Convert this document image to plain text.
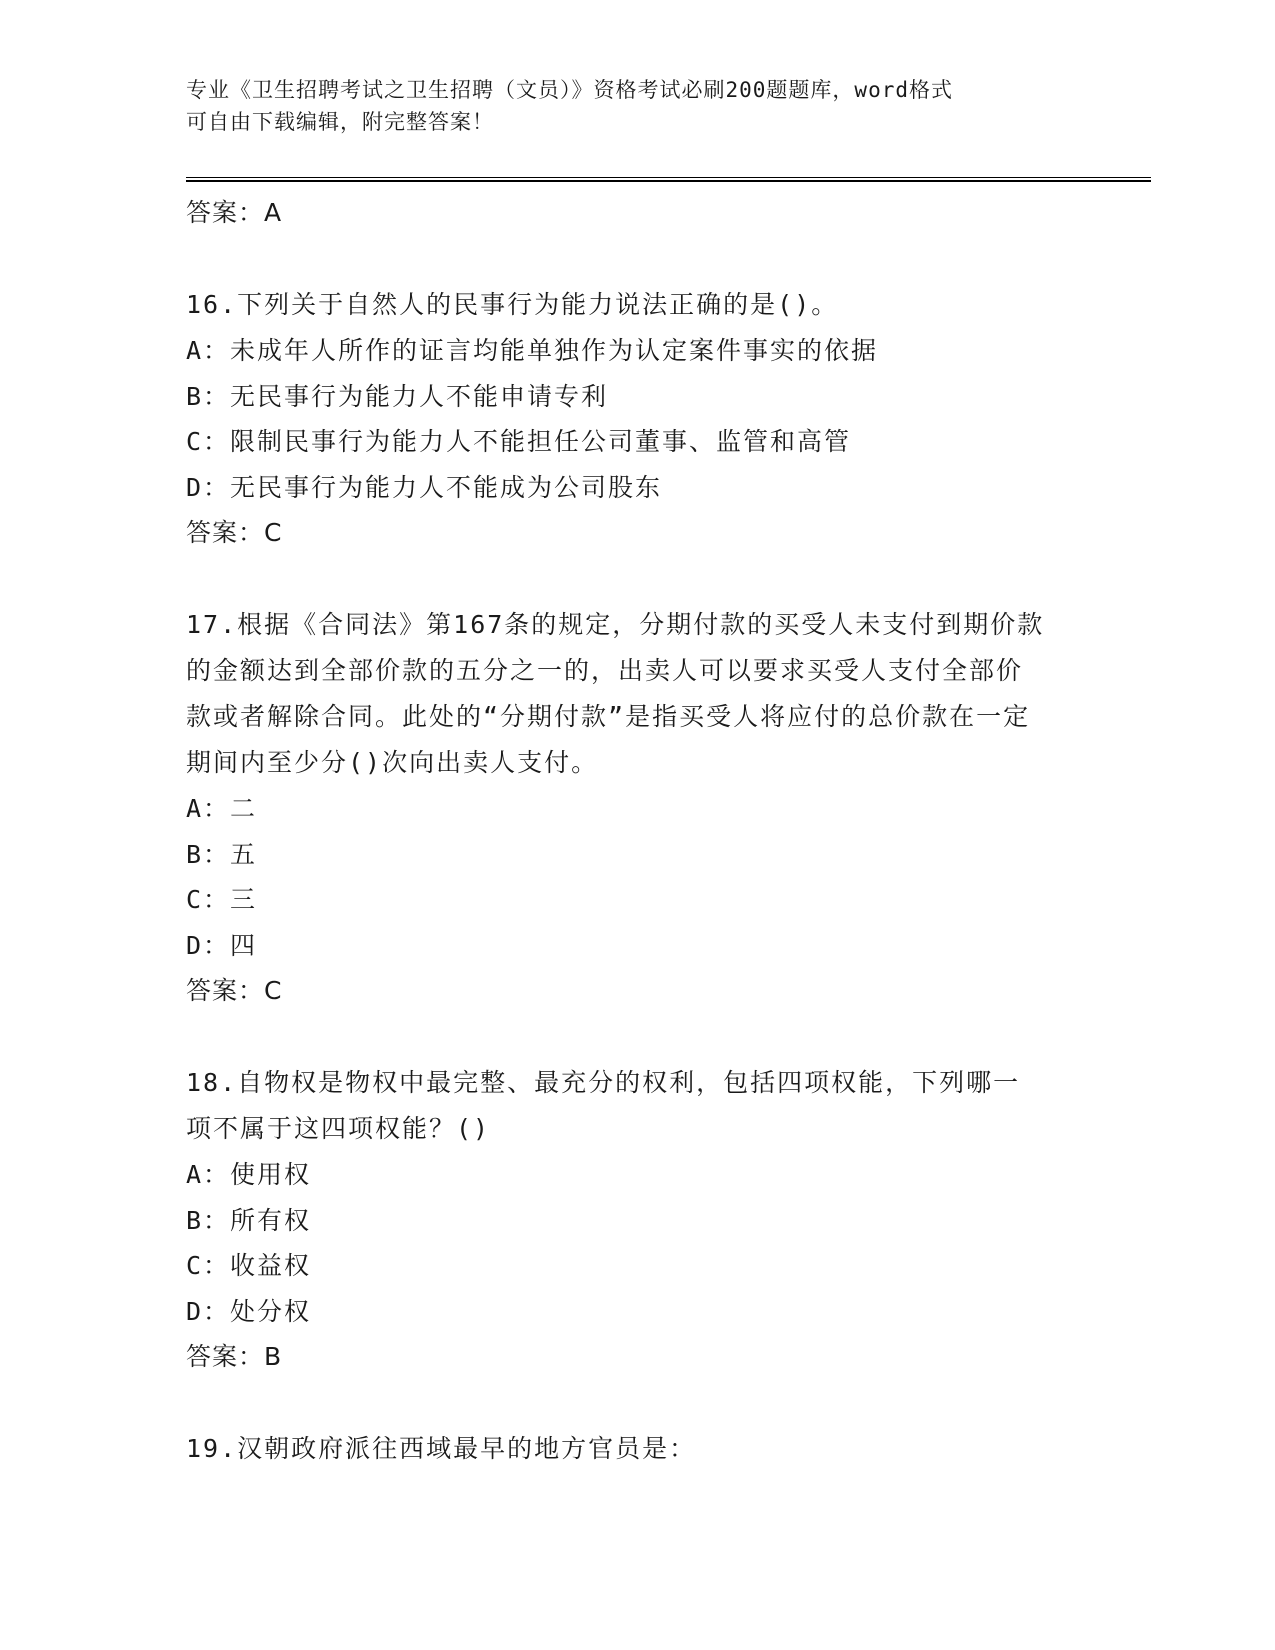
专业《卫生招聘考试之卫生招聘（文员）》资格考试必刷200题题库，word格式
可自由下载编辑，附完整答案！
答案：A
16.下列关于自然人的民事行为能力说法正确的是()。
A：未成年人所作的证言均能单独作为认定案件事实的依据
B：无民事行为能力人不能申请专利
C：限制民事行为能力人不能担任公司董事、监管和高管
D：无民事行为能力人不能成为公司股东
答案：C
17.根据《合同法》第167条的规定，分期付款的买受人未支付到期价款的金额达到全部价款的五分之一的，出卖人可以要求买受人支付全部价款或者解除合同。此处的“分期付款”是指买受人将应付的总价款在一定期间内至少分()次向出卖人支付。
A：二
B：五
C：三
D：四
答案：C
18.自物权是物权中最完整、最充分的权利，包括四项权能，下列哪一项不属于这四项权能？()
A：使用权
B：所有权
C：收益权
D：处分权
答案：B
19.汉朝政府派往西域最早的地方官员是：
